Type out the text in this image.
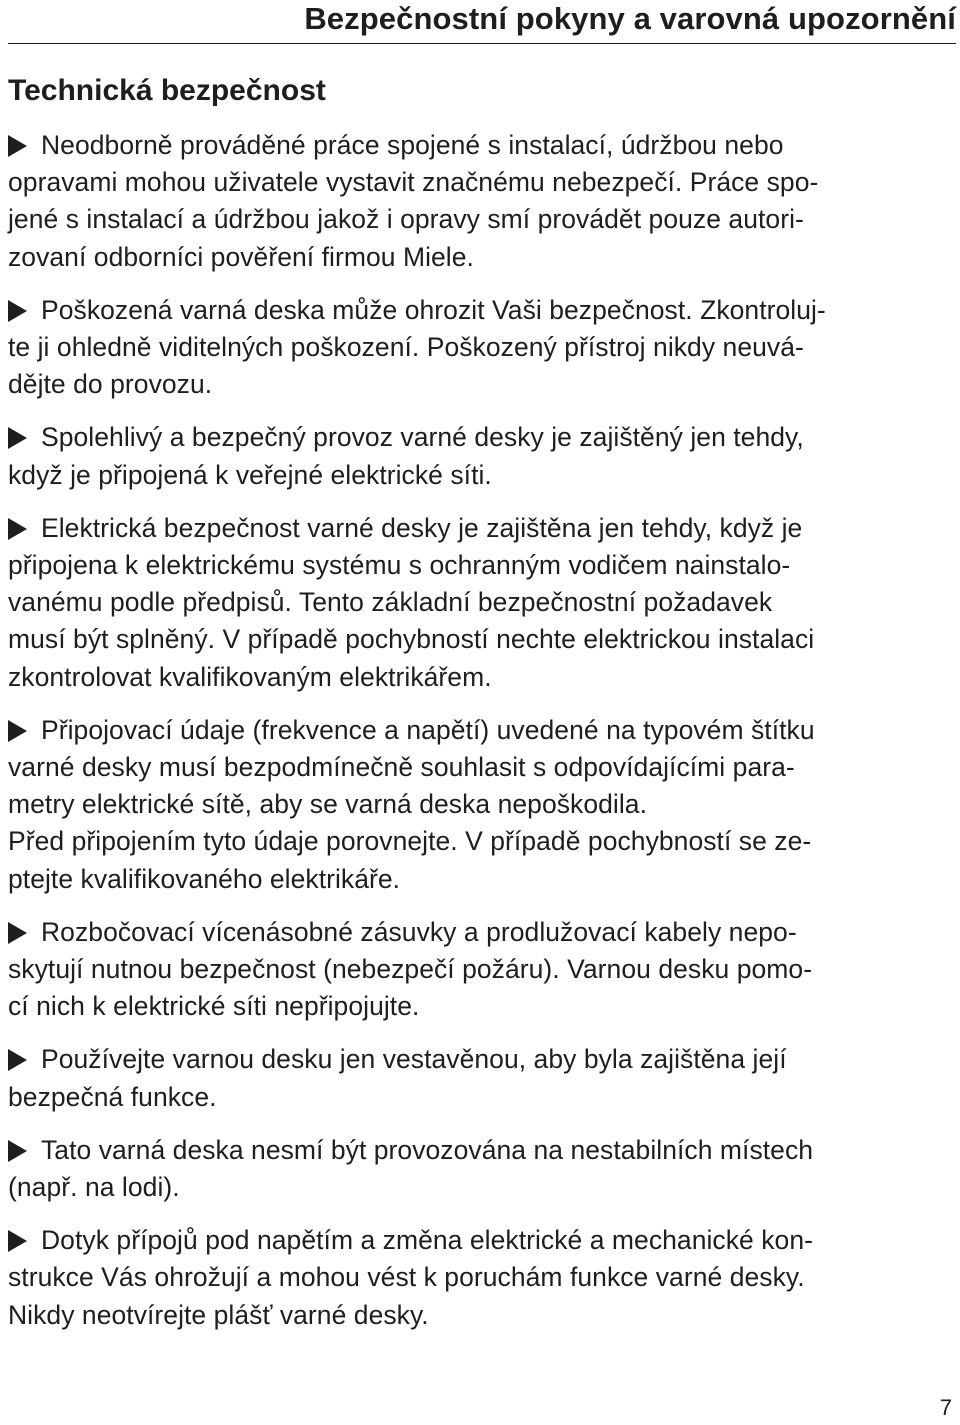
Bezpečnostní pokyny a varovná upozornění
Technická bezpečnost
Neodborně prováděné práce spojené s instalací, údržbou nebo
opravami mohou uživatele vystavit značnému nebezpečí. Práce spo-
jené s instalací a údržbou jakož i opravy smí provádět pouze autori-
zovaní odborníci pověření firmou Miele.
Poškozená varná deska může ohrozit Vaši bezpečnost. Zkontroluj-
te ji ohledně viditelných poškození. Poškozený přístroj nikdy neuvá-
dějte do provozu.
Spolehlivý a bezpečný provoz varné desky je zajištěný jen tehdy,
když je připojená k veřejné elektrické síti.
Elektrická bezpečnost varné desky je zajištěna jen tehdy, když je
připojena k elektrickému systému s ochranným vodičem nainstalo-
vanému podle předpisů. Tento základní bezpečnostní požadavek
musí být splněný. V případě pochybností nechte elektrickou instalaci
zkontrolovat kvalifikovaným elektrikářem.
Připojovací údaje (frekvence a napětí) uvedené na typovém štítku
varné desky musí bezpodmínečně souhlasit s odpovídajícími para-
metry elektrické sítě, aby se varná deska nepoškodila.
Před připojením tyto údaje porovnejte. V případě pochybností se ze-
ptejte kvalifikovaného elektrikáře.
Rozbočovací vícenásobné zásuvky a prodlužovací kabely nepo-
skytují nutnou bezpečnost (nebezpečí požáru). Varnou desku pomo-
cí nich k elektrické síti nepřipojujte.
Používejte varnou desku jen vestavěnou, aby byla zajištěna její
bezpečná funkce.
Tato varná deska nesmí být provozována na nestabilních místech
(např. na lodi).
Dotyk přípojů pod napětím a změna elektrické a mechanické kon-
strukce Vás ohrožují a mohou vést k poruchám funkce varné desky.
Nikdy neotvírejte plášť varné desky.
7
